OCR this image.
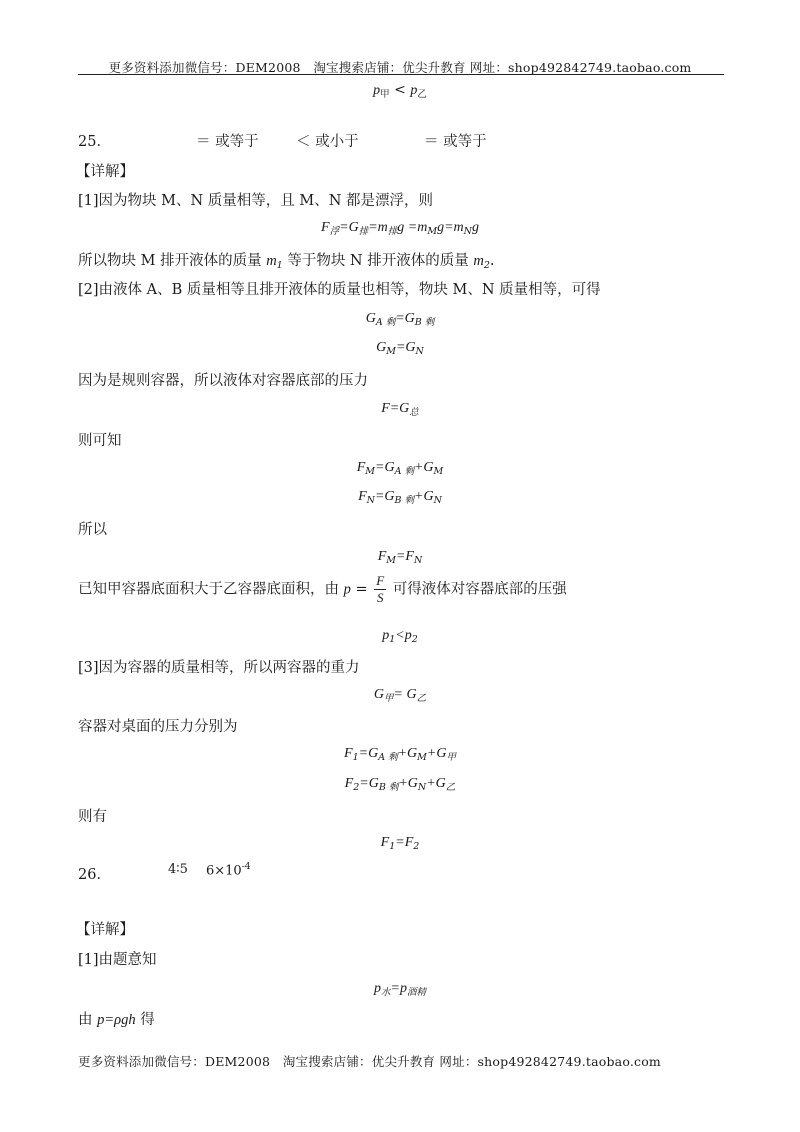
更多资料添加微信号：DEM2008　淘宝搜索店铺：优尖升教育 网址：shop492842749.taobao.com
$p_甲 < p_乙$
25．	＝ 或等于	＜ 或小于	＝ 或等于
【详解】
[1]因为物块 M、N 质量相等，且 M、N 都是漂浮，则
$F_浮=G_排=m_排g =m_Mg=m_Ng$
所以物块 M 排开液体的质量 $m_1$ 等于物块 N 排开液体的质量 $m_2$.
[2]由液体 A、B 质量相等且排开液体的质量也相等，物块 M、N 质量相等，可得
$G_{A 剩}=G_{B 剩}$
$G_M=G_N$
因为是规则容器，所以液体对容器底部的压力
$F=G_总$
则可知
$F_M=G_{A 剩}+G_M$
$F_N=G_{B 剩}+G_N$
所以
$F_M=F_N$
已知甲容器底面积大于乙容器底面积，由 $p = \frac{F}{S}$ 可得液体对容器底部的压强
$p_1<p_2$
[3]因为容器的质量相等，所以两容器的重力
$G_甲= G_乙$
容器对桌面的压力分别为
$F_1=G_{A 剩}+G_M+G_甲$
$F_2=G_{B 剩}+G_N+G_乙$
则有
$F_1=F_2$
26．	4∶5 $6\times 10^{-4}$
【详解】
[1]由题意知
$p_水=p_{酒精}$
由 p=ρgh 得
更多资料添加微信号：DEM2008　淘宝搜索店铺：优尖升教育 网址：shop492842749.taobao.com
